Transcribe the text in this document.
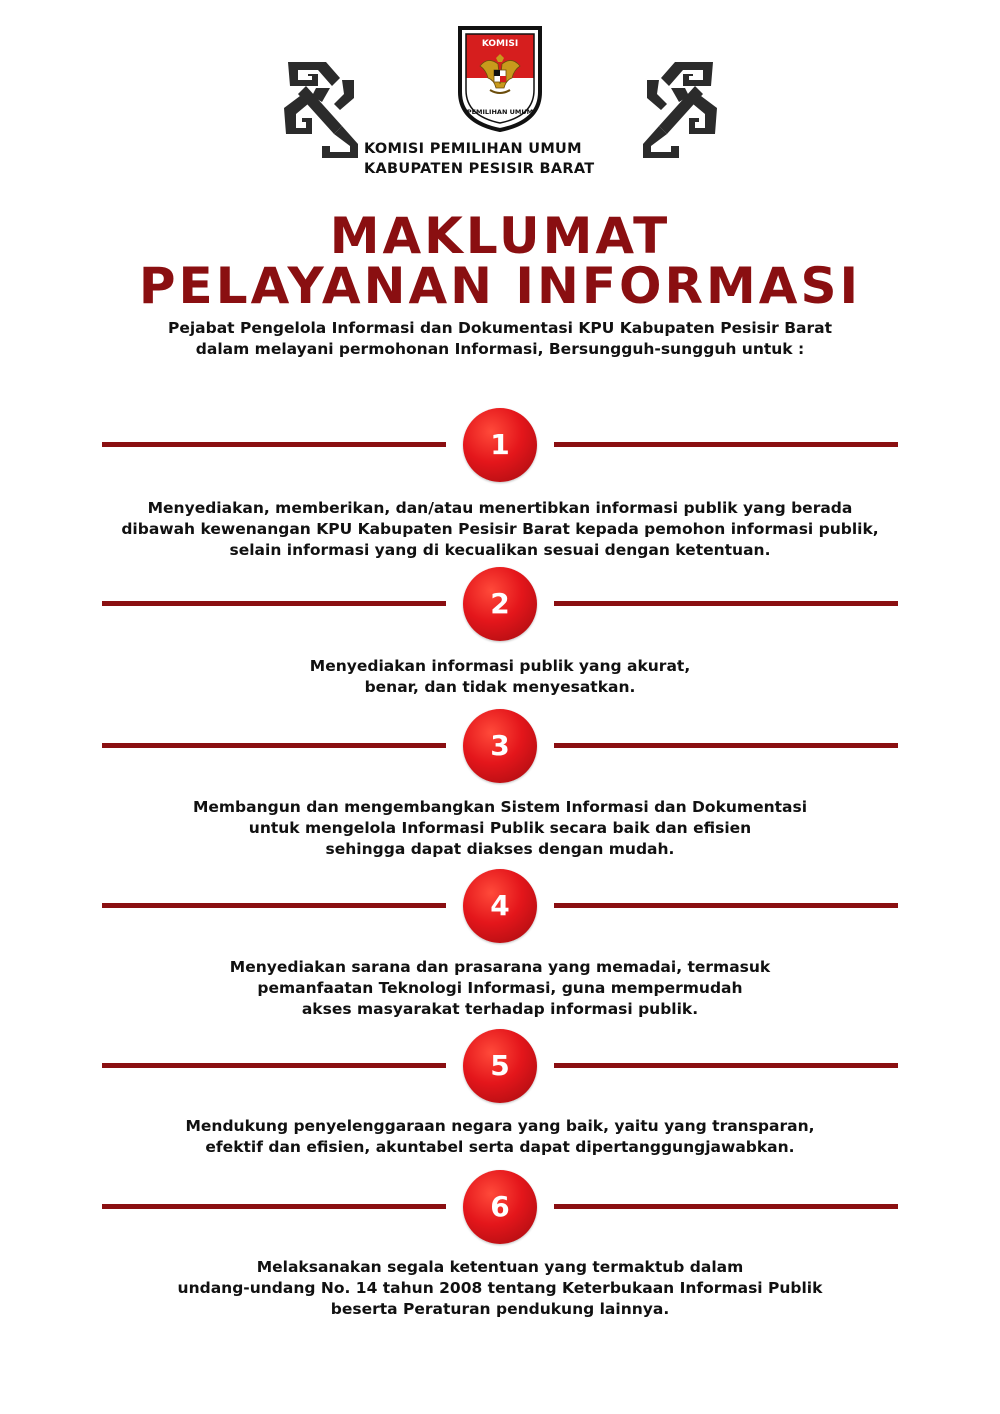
KOMISI
PEMILIHAN UMUM
KOMISI PEMILIHAN UMUM
KABUPATEN PESISIR BARAT
MAKLUMAT
PELAYANAN INFORMASI
Pejabat Pengelola Informasi dan Dokumentasi KPU Kabupaten Pesisir Barat
dalam melayani permohonan Informasi, Bersungguh-sungguh untuk :
1
Menyediakan, memberikan, dan/atau menertibkan informasi publik yang berada
dibawah kewenangan KPU Kabupaten Pesisir Barat kepada pemohon informasi publik,
selain informasi yang di kecualikan sesuai dengan ketentuan.
2
Menyediakan informasi publik yang akurat,
benar, dan tidak menyesatkan.
3
Membangun dan mengembangkan Sistem Informasi dan Dokumentasi
untuk mengelola Informasi Publik secara baik dan efisien
sehingga dapat diakses dengan mudah.
4
Menyediakan sarana dan prasarana yang memadai, termasuk
pemanfaatan Teknologi Informasi, guna mempermudah
akses masyarakat terhadap informasi publik.
5
Mendukung penyelenggaraan negara yang baik, yaitu yang transparan,
efektif dan efisien, akuntabel serta dapat dipertanggungjawabkan.
6
Melaksanakan segala ketentuan yang termaktub dalam
undang-undang No. 14 tahun 2008 tentang Keterbukaan Informasi Publik
beserta Peraturan pendukung lainnya.
